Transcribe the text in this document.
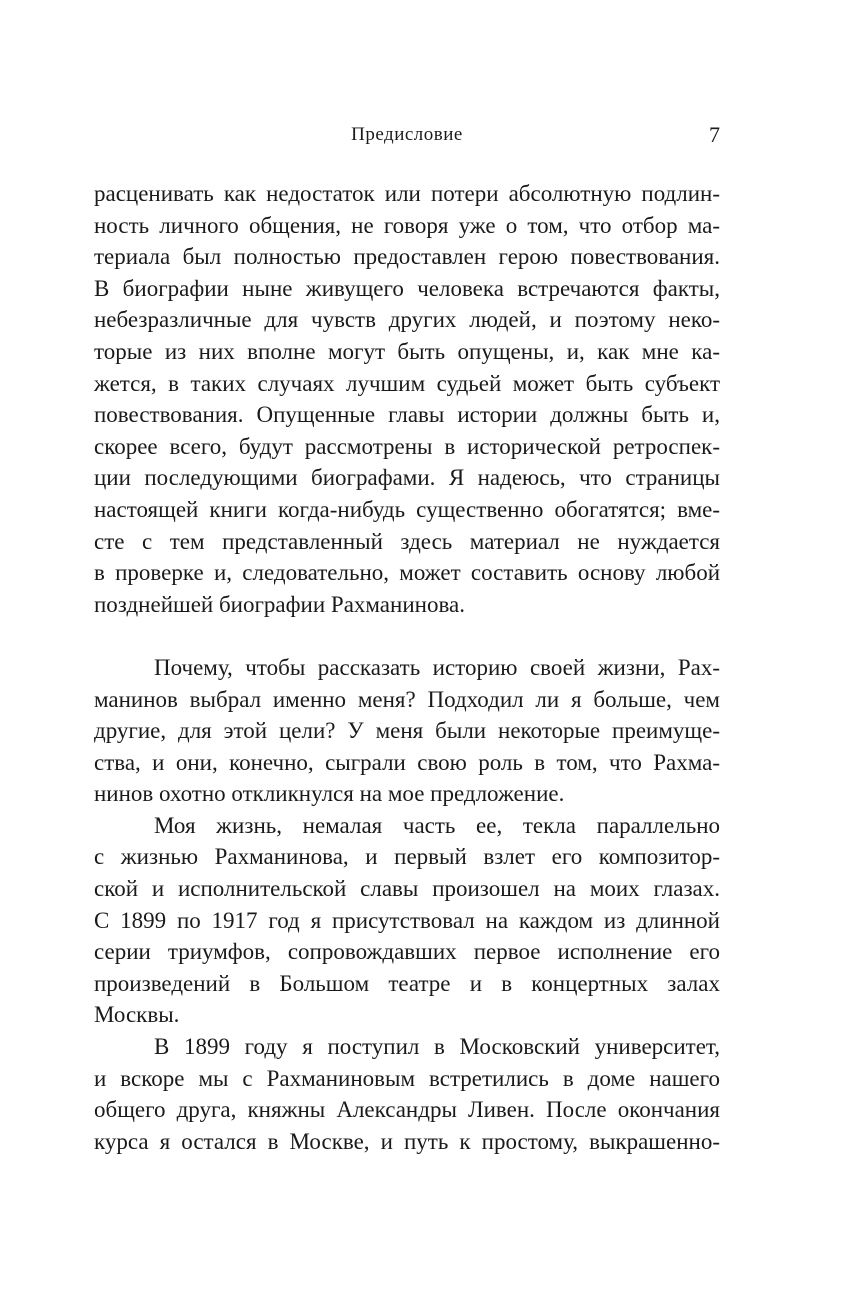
Предисловие	7

расценивать как недостаток или потери абсолютную подлин-
ность личного общения, не говоря уже о том, что отбор ма-
териала был полностью предоставлен герою повествования.
В биографии ныне живущего человека встречаются факты,
небезразличные для чувств других людей, и поэтому неко-
торые из них вполне могут быть опущены, и, как мне ка-
жется, в таких случаях лучшим судьей может быть субъект
повествования. Опущенные главы истории должны быть и,
скорее всего, будут рассмотрены в исторической ретроспек-
ции последующими биографами. Я надеюсь, что страницы
настоящей книги когда-нибудь существенно обогатятся; вме-
сте с тем представленный здесь материал не нуждается
в проверке и, следовательно, может составить основу любой
позднейшей биографии Рахманинова.

Почему, чтобы рассказать историю своей жизни, Рах-
манинов выбрал именно меня? Подходил ли я больше, чем
другие, для этой цели? У меня были некоторые преимуще-
ства, и они, конечно, сыграли свою роль в том, что Рахма-
нинов охотно откликнулся на мое предложение.

Моя жизнь, немалая часть ее, текла параллельно
с жизнью Рахманинова, и первый взлет его композитор-
ской и исполнительской славы произошел на моих глазах.
С 1899 по 1917 год я присутствовал на каждом из длинной
серии триумфов, сопровождавших первое исполнение его
произведений в Большом театре и в концертных залах
Москвы.

В 1899 году я поступил в Московский университет,
и вскоре мы с Рахманиновым встретились в доме нашего
общего друга, княжны Александры Ливен. После окончания
курса я остался в Москве, и путь к простому, выкрашенно-
